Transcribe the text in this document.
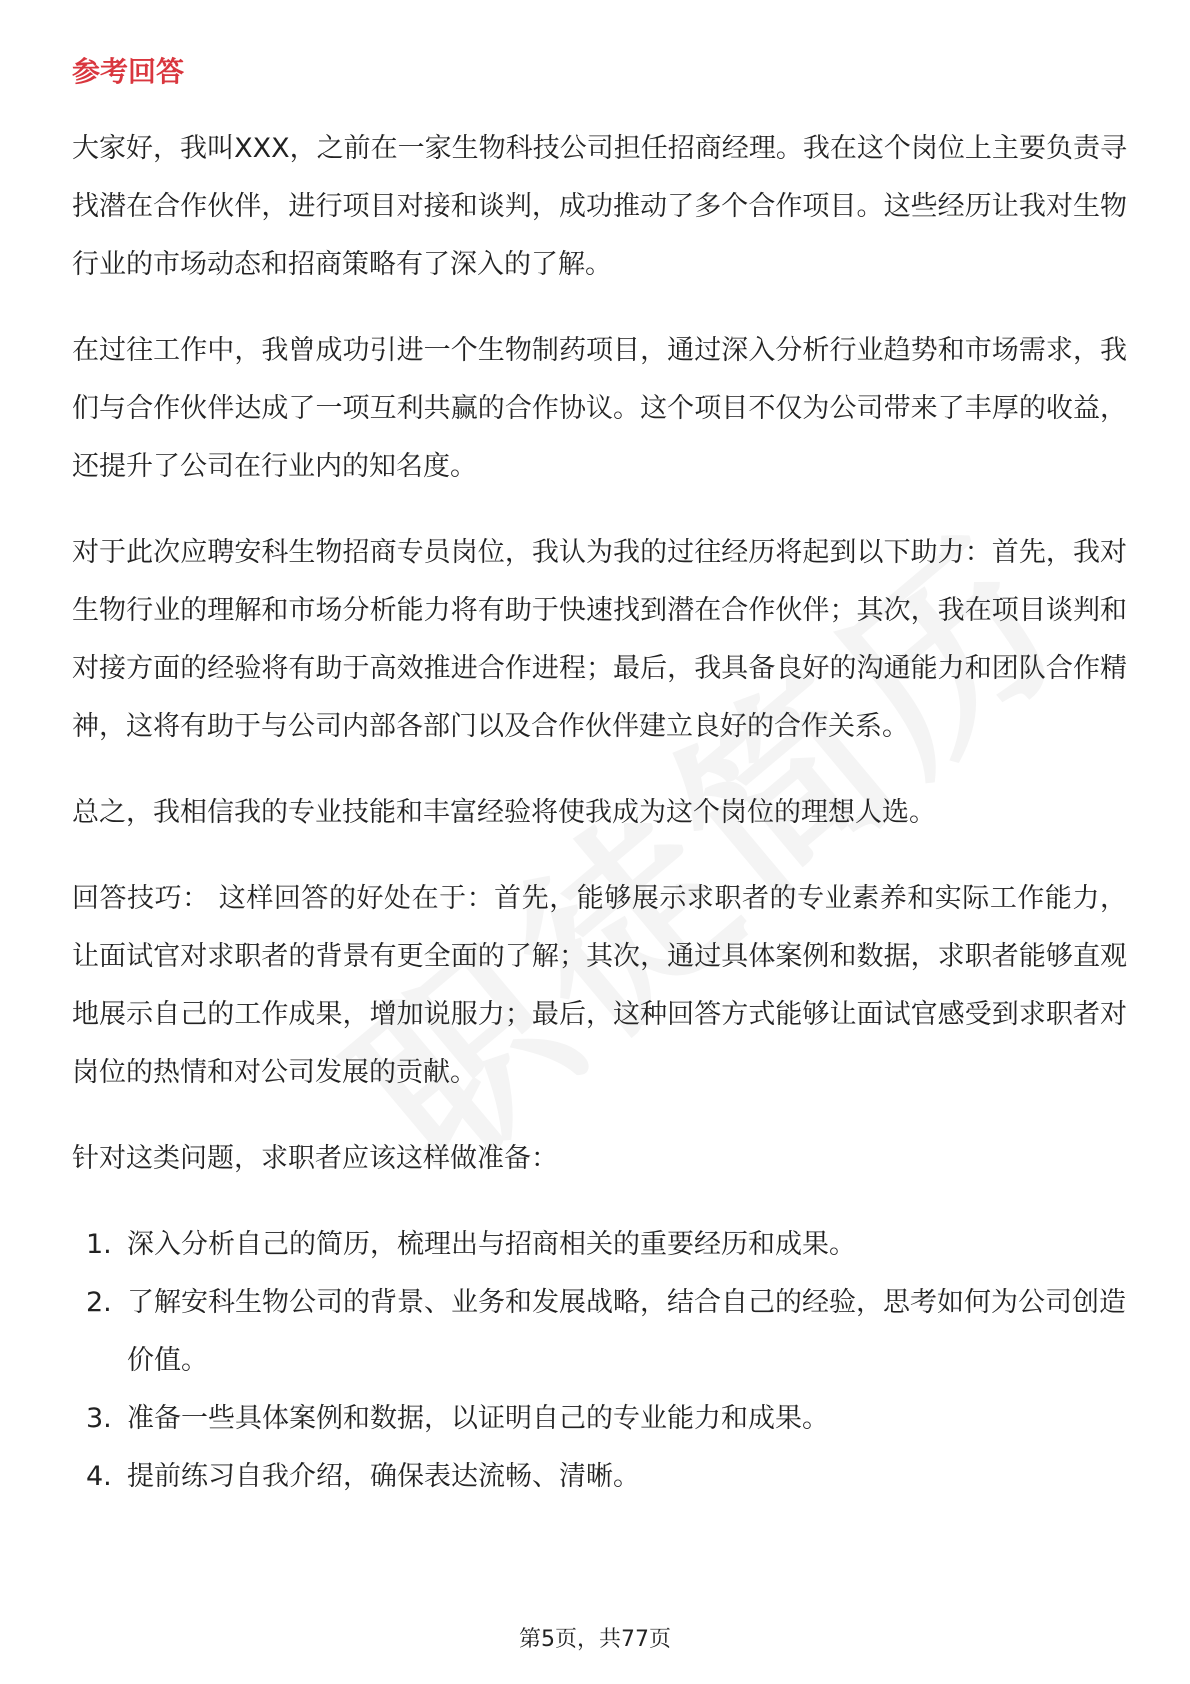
参考回答

大家好，我叫XXX，之前在一家生物科技公司担任招商经理。我在这个岗位上主要负责寻找潜在合作伙伴，进行项目对接和谈判，成功推动了多个合作项目。这些经历让我对生物行业的市场动态和招商策略有了深入的了解。

在过往工作中，我曾成功引进一个生物制药项目，通过深入分析行业趋势和市场需求，我们与合作伙伴达成了一项互利共赢的合作协议。这个项目不仅为公司带来了丰厚的收益，还提升了公司在行业内的知名度。

对于此次应聘安科生物招商专员岗位，我认为我的过往经历将起到以下助力：首先，我对生物行业的理解和市场分析能力将有助于快速找到潜在合作伙伴；其次，我在项目谈判和对接方面的经验将有助于高效推进合作进程；最后，我具备良好的沟通能力和团队合作精神，这将有助于与公司内部各部门以及合作伙伴建立良好的合作关系。

总之，我相信我的专业技能和丰富经验将使我成为这个岗位的理想人选。

回答技巧： 这样回答的好处在于：首先，能够展示求职者的专业素养和实际工作能力，让面试官对求职者的背景有更全面的了解；其次，通过具体案例和数据，求职者能够直观地展示自己的工作成果，增加说服力；最后，这种回答方式能够让面试官感受到求职者对岗位的热情和对公司发展的贡献。

针对这类问题，求职者应该这样做准备：

1. 深入分析自己的简历，梳理出与招商相关的重要经历和成果。
2. 了解安科生物公司的背景、业务和发展战略，结合自己的经验，思考如何为公司创造价值。
3. 准备一些具体案例和数据，以证明自己的专业能力和成果。
4. 提前练习自我介绍，确保表达流畅、清晰。
第5页，共77页
